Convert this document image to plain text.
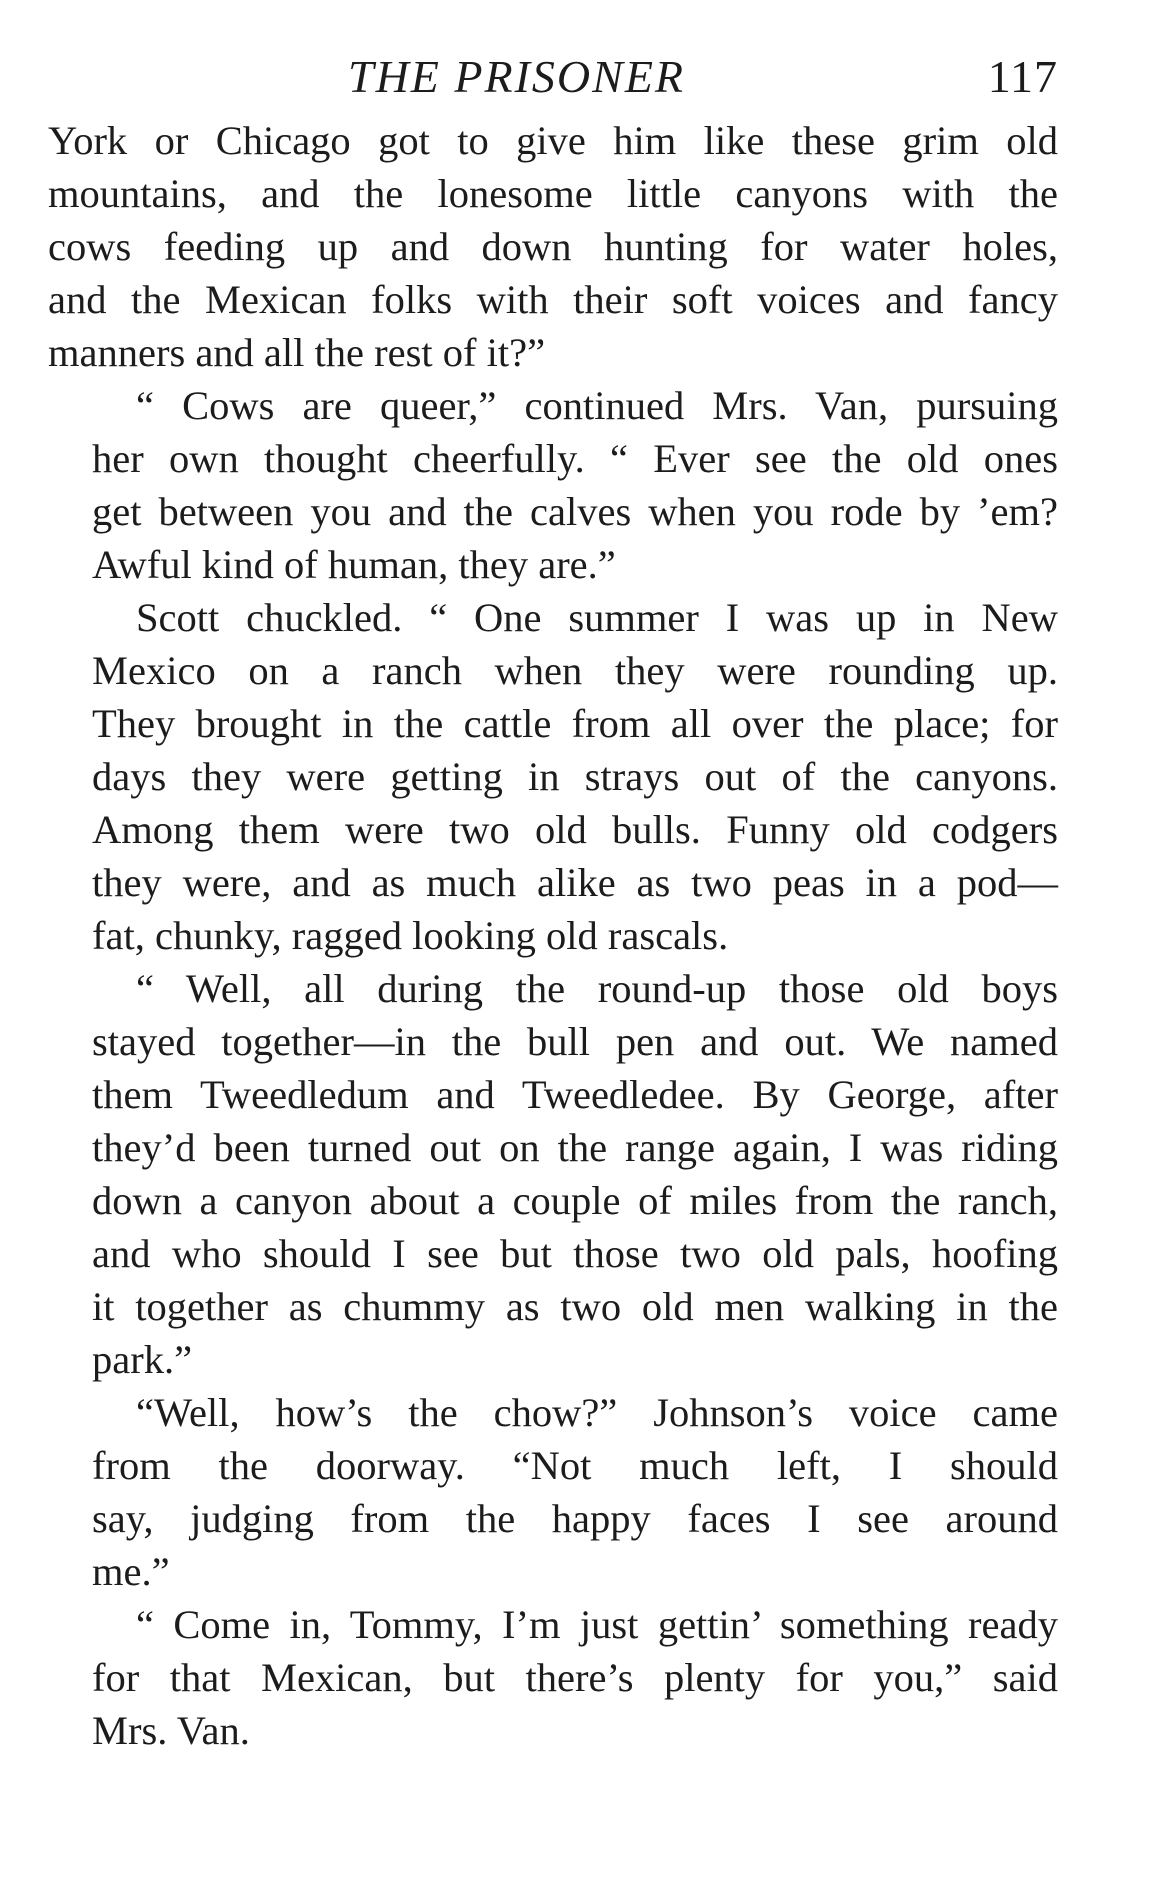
THE PRISONER	117
York or Chicago got to give him like these grim old
mountains, and the lonesome little canyons with the
cows feeding up and down hunting for water holes,
and the Mexican folks with their soft voices and fancy
manners and all the rest of it?”
“ Cows are queer,” continued Mrs. Van, pursuing
her own thought cheerfully. “ Ever see the old ones
get between you and the calves when you rode by ’em?
Awful kind of human, they are.”
Scott chuckled. “ One summer I was up in New
Mexico on a ranch when they were rounding up.
They brought in the cattle from all over the place; for
days they were getting in strays out of the canyons.
Among them were two old bulls. Funny old codgers
they were, and as much alike as two peas in a pod—
fat, chunky, ragged looking old rascals.
“ Well, all during the round-up those old boys
stayed together—in the bull pen and out. We named
them Tweedledum and Tweedledee. By George, after
they’d been turned out on the range again, I was riding
down a canyon about a couple of miles from the ranch,
and who should I see but those two old pals, hoofing
it together as chummy as two old men walking in the
park.”
“Well, how’s the chow?” Johnson’s voice came
from the doorway. “Not much left, I should
say, judging from the happy faces I see around
me.”
“ Come in, Tommy, I’m just gettin’ something ready
for that Mexican, but there’s plenty for you,” said
Mrs. Van.
